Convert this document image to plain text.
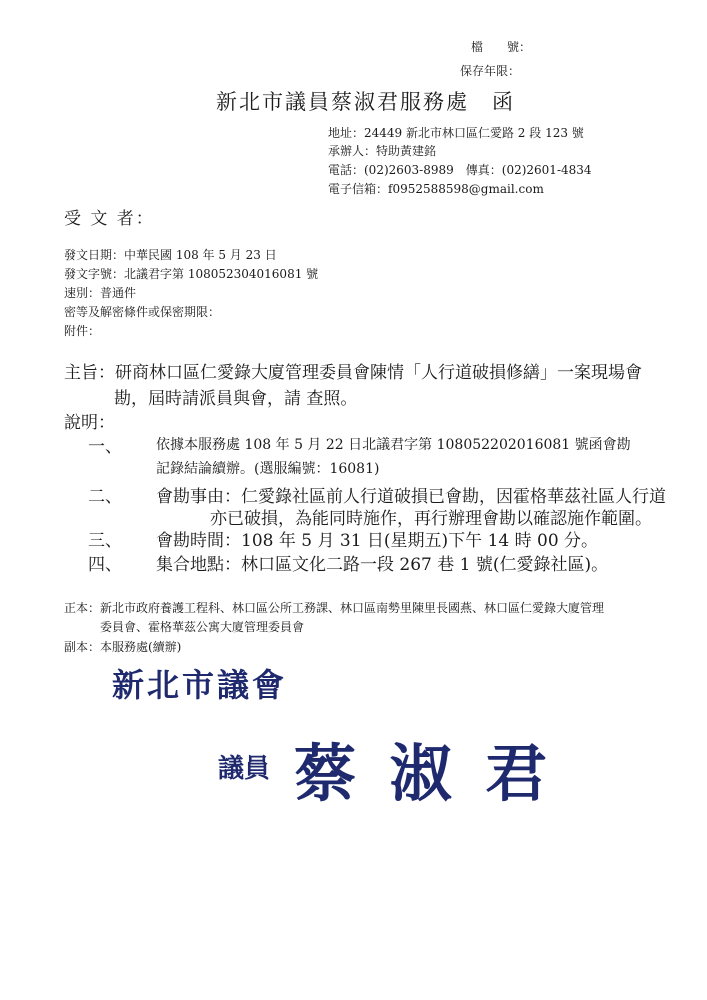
檔　　號：
保存年限：
新北市議員蔡淑君服務處　函
地址：24449 新北市林口區仁愛路 2 段 123 號
承辦人：特助黃建銘
電話：(02)2603-8989　傳真：(02)2601-4834
電子信箱：f0952588598@gmail.com
受 文 者：
發文日期：中華民國 108 年 5 月 23 日
發文字號：北議君字第 108052304016081 號
速別：普通件
密等及解密條件或保密期限：
附件：
主旨：研商林口區仁愛錄大廈管理委員會陳情「人行道破損修繕」一案現場會
勘，屆時請派員與會，請 查照。
說明：
一、 依據本服務處 108 年 5 月 22 日北議君字第 108052202016081 號函會勘
記錄結論續辦。(選服編號：16081)
二、 會勘事由：仁愛錄社區前人行道破損已會勘，因霍格華茲社區人行道
亦已破損，為能同時施作，再行辦理會勘以確認施作範圍。
三、 會勘時間：108 年 5 月 31 日(星期五)下午 14 時 00 分。
四、 集合地點：林口區文化二路一段 267 巷 1 號(仁愛錄社區)。
正本：新北市政府養護工程科、林口區公所工務課、林口區南勢里陳里長國燕、林口區仁愛錄大廈管理
委員會、霍格華茲公寓大廈管理委員會
副本：本服務處(續辦)
新北市議會
議員 蔡 淑 君
